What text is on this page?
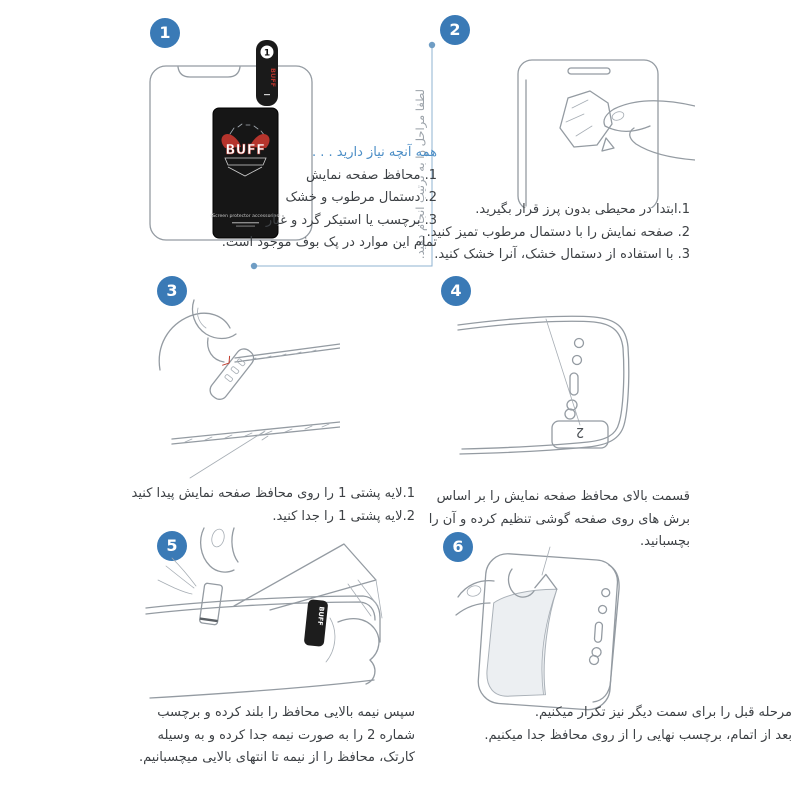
1	2
3	4
5	6
لطفا مراحل را به ترتیب انجام دهید.
1
BUFF
BUFF
(Screen protector accessories)
2
BUFF
همه آنچه نیاز دارید . . .
1. محافظ صفحه نمایش
2. دستمال مرطوب و خشک
3. برچسب یا استیکر گرد و غبار
تمام این موارد در پک بوف موجود است.
1.ابتدا در محیطی بدون پرز قرار بگیرید.
2. صفحه نمایش را با دستمال مرطوب تمیز کنید.
3. با استفاده از دستمال خشک، آنرا خشک کنید.
1.لایه پشتی 1 را روی محافظ صفحه نمایش پیدا کنید
2.لایه پشتی 1 را جدا کنید.
قسمت بالای محافظ صفحه نمایش را بر اساس
برش های روی صفحه گوشی تنظیم کرده و آن را
بچسبانید.
سپس نیمه بالایی محافظ را بلند کرده و برچسب
شماره 2 را به صورت نیمه جدا کرده و به وسیله
کارتک، محافظ را از نیمه تا انتهای بالایی میچسبانیم.
مرحله قبل را برای سمت دیگر نیز تکرار میکنیم.
بعد از اتمام، برچسب نهایی را از روی محافظ جدا میکنیم.
